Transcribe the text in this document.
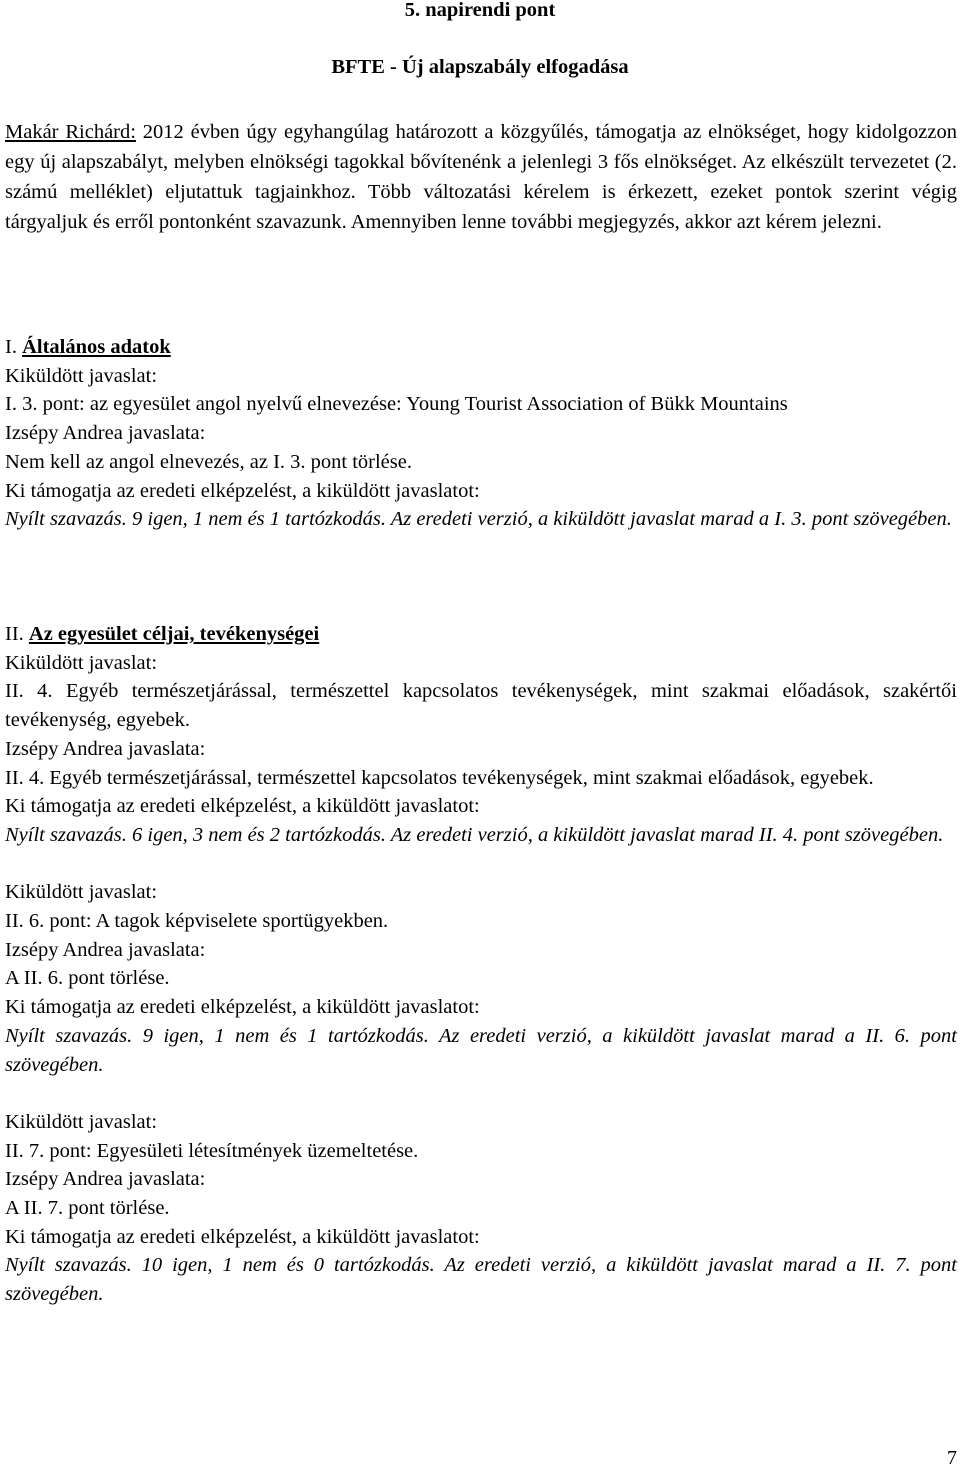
5. napirendi pont

BFTE - Új alapszabály elfogadása

Makár Richárd: 2012 évben úgy egyhangúlag határozott a közgyűlés, támogatja az elnökséget, hogy kidolgozzon egy új alapszabályt, melyben elnökségi tagokkal bővítenénk a jelenlegi 3 fős elnökséget. Az elkészült tervezetet (2. számú melléklet) eljutattuk tagjainkhoz. Több változatási kérelem is érkezett, ezeket pontok szerint végig tárgyaljuk és erről pontonként szavazunk. Amennyiben lenne további megjegyzés, akkor azt kérem jelezni.

I. Általános adatok

Kiküldött javaslat:

I. 3. pont: az egyesület angol nyelvű elnevezése: Young Tourist Association of Bükk Mountains

Izsépy Andrea javaslata:

Nem kell az angol elnevezés, az I. 3. pont törlése.

Ki támogatja az eredeti elképzelést, a kiküldött javaslatot:

Nyílt szavazás. 9 igen, 1 nem és 1 tartózkodás. Az eredeti verzió, a kiküldött javaslat marad a I. 3. pont szövegében.

II. Az egyesület céljai, tevékenységei

Kiküldött javaslat:

II. 4. Egyéb természetjárással, természettel kapcsolatos tevékenységek, mint szakmai előadások, szakértői tevékenység, egyebek.

Izsépy Andrea javaslata:

II. 4. Egyéb természetjárással, természettel kapcsolatos tevékenységek, mint szakmai előadások, egyebek.

Ki támogatja az eredeti elképzelést, a kiküldött javaslatot:

Nyílt szavazás. 6 igen, 3 nem és 2 tartózkodás. Az eredeti verzió, a kiküldött javaslat marad II. 4. pont szövegében.

Kiküldött javaslat:

II. 6. pont: A tagok képviselete sportügyekben.

Izsépy Andrea javaslata:

A II. 6. pont törlése.

Ki támogatja az eredeti elképzelést, a kiküldött javaslatot:

Nyílt szavazás. 9 igen, 1 nem és 1 tartózkodás. Az eredeti verzió, a kiküldött javaslat marad a II. 6. pont szövegében.

Kiküldött javaslat:

II. 7. pont: Egyesületi létesítmények üzemeltetése.

Izsépy Andrea javaslata:

A II. 7. pont törlése.

Ki támogatja az eredeti elképzelést, a kiküldött javaslatot:

Nyílt szavazás. 10 igen, 1 nem és 0 tartózkodás. Az eredeti verzió, a kiküldött javaslat marad a II. 7. pont szövegében.

7
